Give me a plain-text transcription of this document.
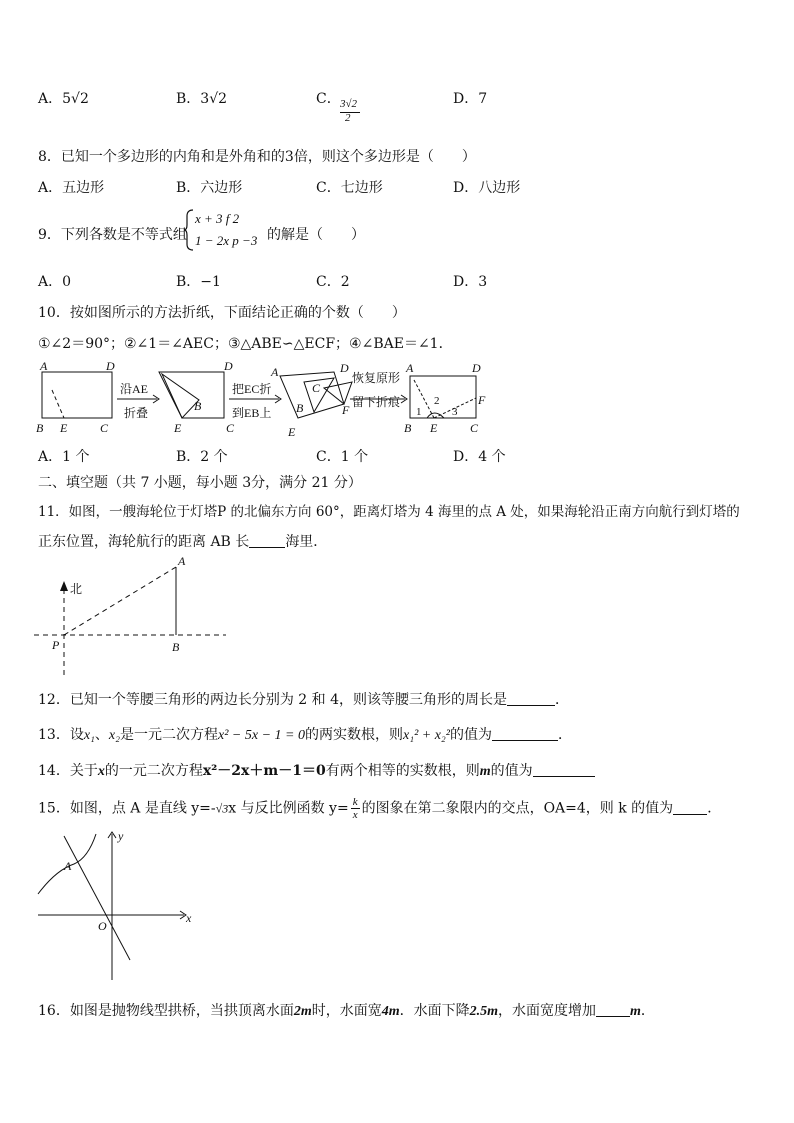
A．5√2	B．3√2	C． 3√2
2
D．7
8．已知一个多边形的内角和是外角和的3倍，则这个多边形是（　　）
A．五边形	B．六边形	C．七边形	D．八边形
9．下列各数是不等式组
x + 3 f 2
1 − 2x p −3 的解是（　　）
A．0	B．−1	C．2	D．3
10．按如图所示的方法折纸，下面结论正确的个数（　　）
①∠2＝90°；②∠1＝∠AEC；③△ABE∽△ECF；④∠BAE＝∠1．
A	D
B E	C
B
E
D
C
A
B
C
D
F
E
A	D
F
B E	C
1
2
3
沿AE
折叠
把EC折
到EB上
恢复原形
留下折痕
A．1 个	B．2 个	C．1 个	D．4 个
二、填空题（共 7 小题，每小题 3分，满分 21 分）
11．如图，一艘海轮位于灯塔P 的北偏东方向 60°，距离灯塔为 4 海里的点 A 处，如果海轮沿正南方向航行到灯塔的
正东位置，海轮航行的距离 AB 长	海里．
北
P
A
B
12．已知一个等腰三角形的两边长分别为 2 和 4，则该等腰三角形的周长是	．
13．设x₁、x₂是一元二次方程x² − 5x − 1 = 0的两实数根，则x₁² + x₂²的值为	．
14．关于x的一元二次方程x²－2x＋m－1＝0有两个相等的实数根，则m的值为
15．如图，点 A 是直线 y=-√3x 与反比例函数 $y= \frac{k}{x}$ 的图象在第二象限内的交点，OA=4，则 k 的值为 ．
y
x
O
A
16．如图是抛物线型拱桥，当拱顶离水面2m时，水面宽4m．水面下降2.5m，水面宽度增加 m．
